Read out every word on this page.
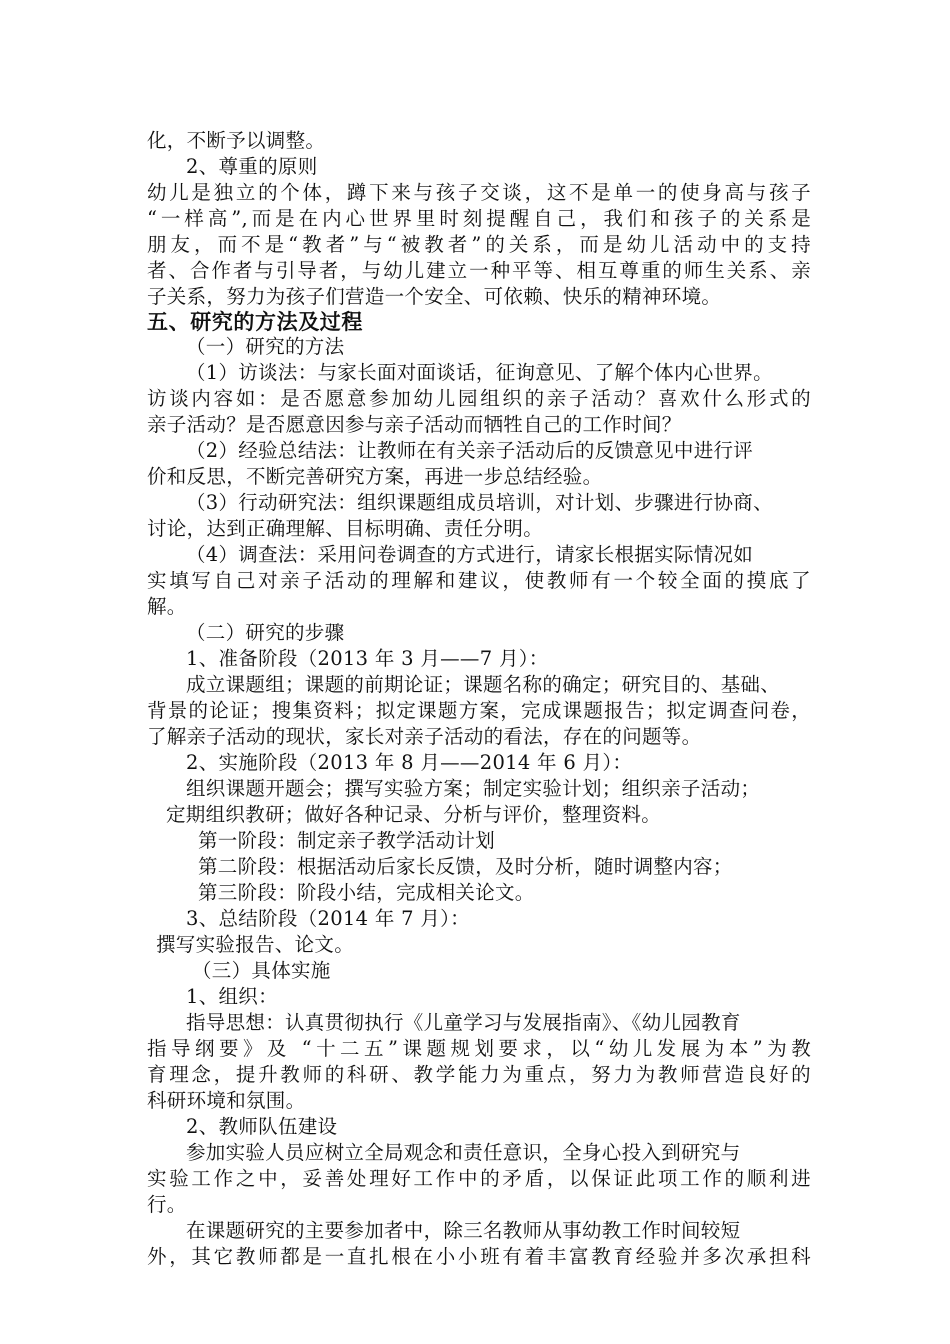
化，不断予以调整。
2、尊重的原则
幼儿是独立的个体，蹲下来与孩子交谈，这不是单一的使身高与孩子
“一样高”,而是在内心世界里时刻提醒自己，我们和孩子的关系是
朋友，而不是“教者”与“被教者”的关系，而是幼儿活动中的支持
者、合作者与引导者，与幼儿建立一种平等、相互尊重的师生关系、亲
子关系，努力为孩子们营造一个安全、可依赖、快乐的精神环境。
五、研究的方法及过程
（一）研究的方法
（1）访谈法：与家长面对面谈话，征询意见、了解个体内心世界。
访谈内容如：是否愿意参加幼儿园组织的亲子活动？喜欢什么形式的
亲子活动？是否愿意因参与亲子活动而牺牲自己的工作时间？
（2）经验总结法：让教师在有关亲子活动后的反馈意见中进行评
价和反思，不断完善研究方案，再进一步总结经验。
（3）行动研究法：组织课题组成员培训，对计划、步骤进行协商、
讨论，达到正确理解、目标明确、责任分明。
（4）调查法：采用问卷调查的方式进行，请家长根据实际情况如
实填写自己对亲子活动的理解和建议，使教师有一个较全面的摸底了
解。
（二）研究的步骤
1、准备阶段（2013 年 3 月——7 月）：
成立课题组；课题的前期论证；课题名称的确定；研究目的、基础、
背景的论证；搜集资料；拟定课题方案，完成课题报告；拟定调查问卷，
了解亲子活动的现状，家长对亲子活动的看法，存在的问题等。
2、实施阶段（2013 年 8 月——2014 年 6 月）：
组织课题开题会；撰写实验方案；制定实验计划；组织亲子活动；
定期组织教研；做好各种记录、分析与评价，整理资料。
第一阶段：制定亲子教学活动计划
第二阶段：根据活动后家长反馈，及时分析，随时调整内容；
第三阶段：阶段小结，完成相关论文。
3、总结阶段（2014 年 7 月）：
撰写实验报告、论文。
（三）具体实施
1、组织：
指导思想：认真贯彻执行《儿童学习与发展指南》、《幼儿园教育
指导纲要》及 “十二五”课题规划要求，以“幼儿发展为本”为教
育理念，提升教师的科研、教学能力为重点，努力为教师营造良好的
科研环境和氛围。
2、教师队伍建设
参加实验人员应树立全局观念和责任意识，全身心投入到研究与
实验工作之中，妥善处理好工作中的矛盾，以保证此项工作的顺利进
行。
在课题研究的主要参加者中，除三名教师从事幼教工作时间较短
外，其它教师都是一直扎根在小小班有着丰富教育经验并多次承担科
